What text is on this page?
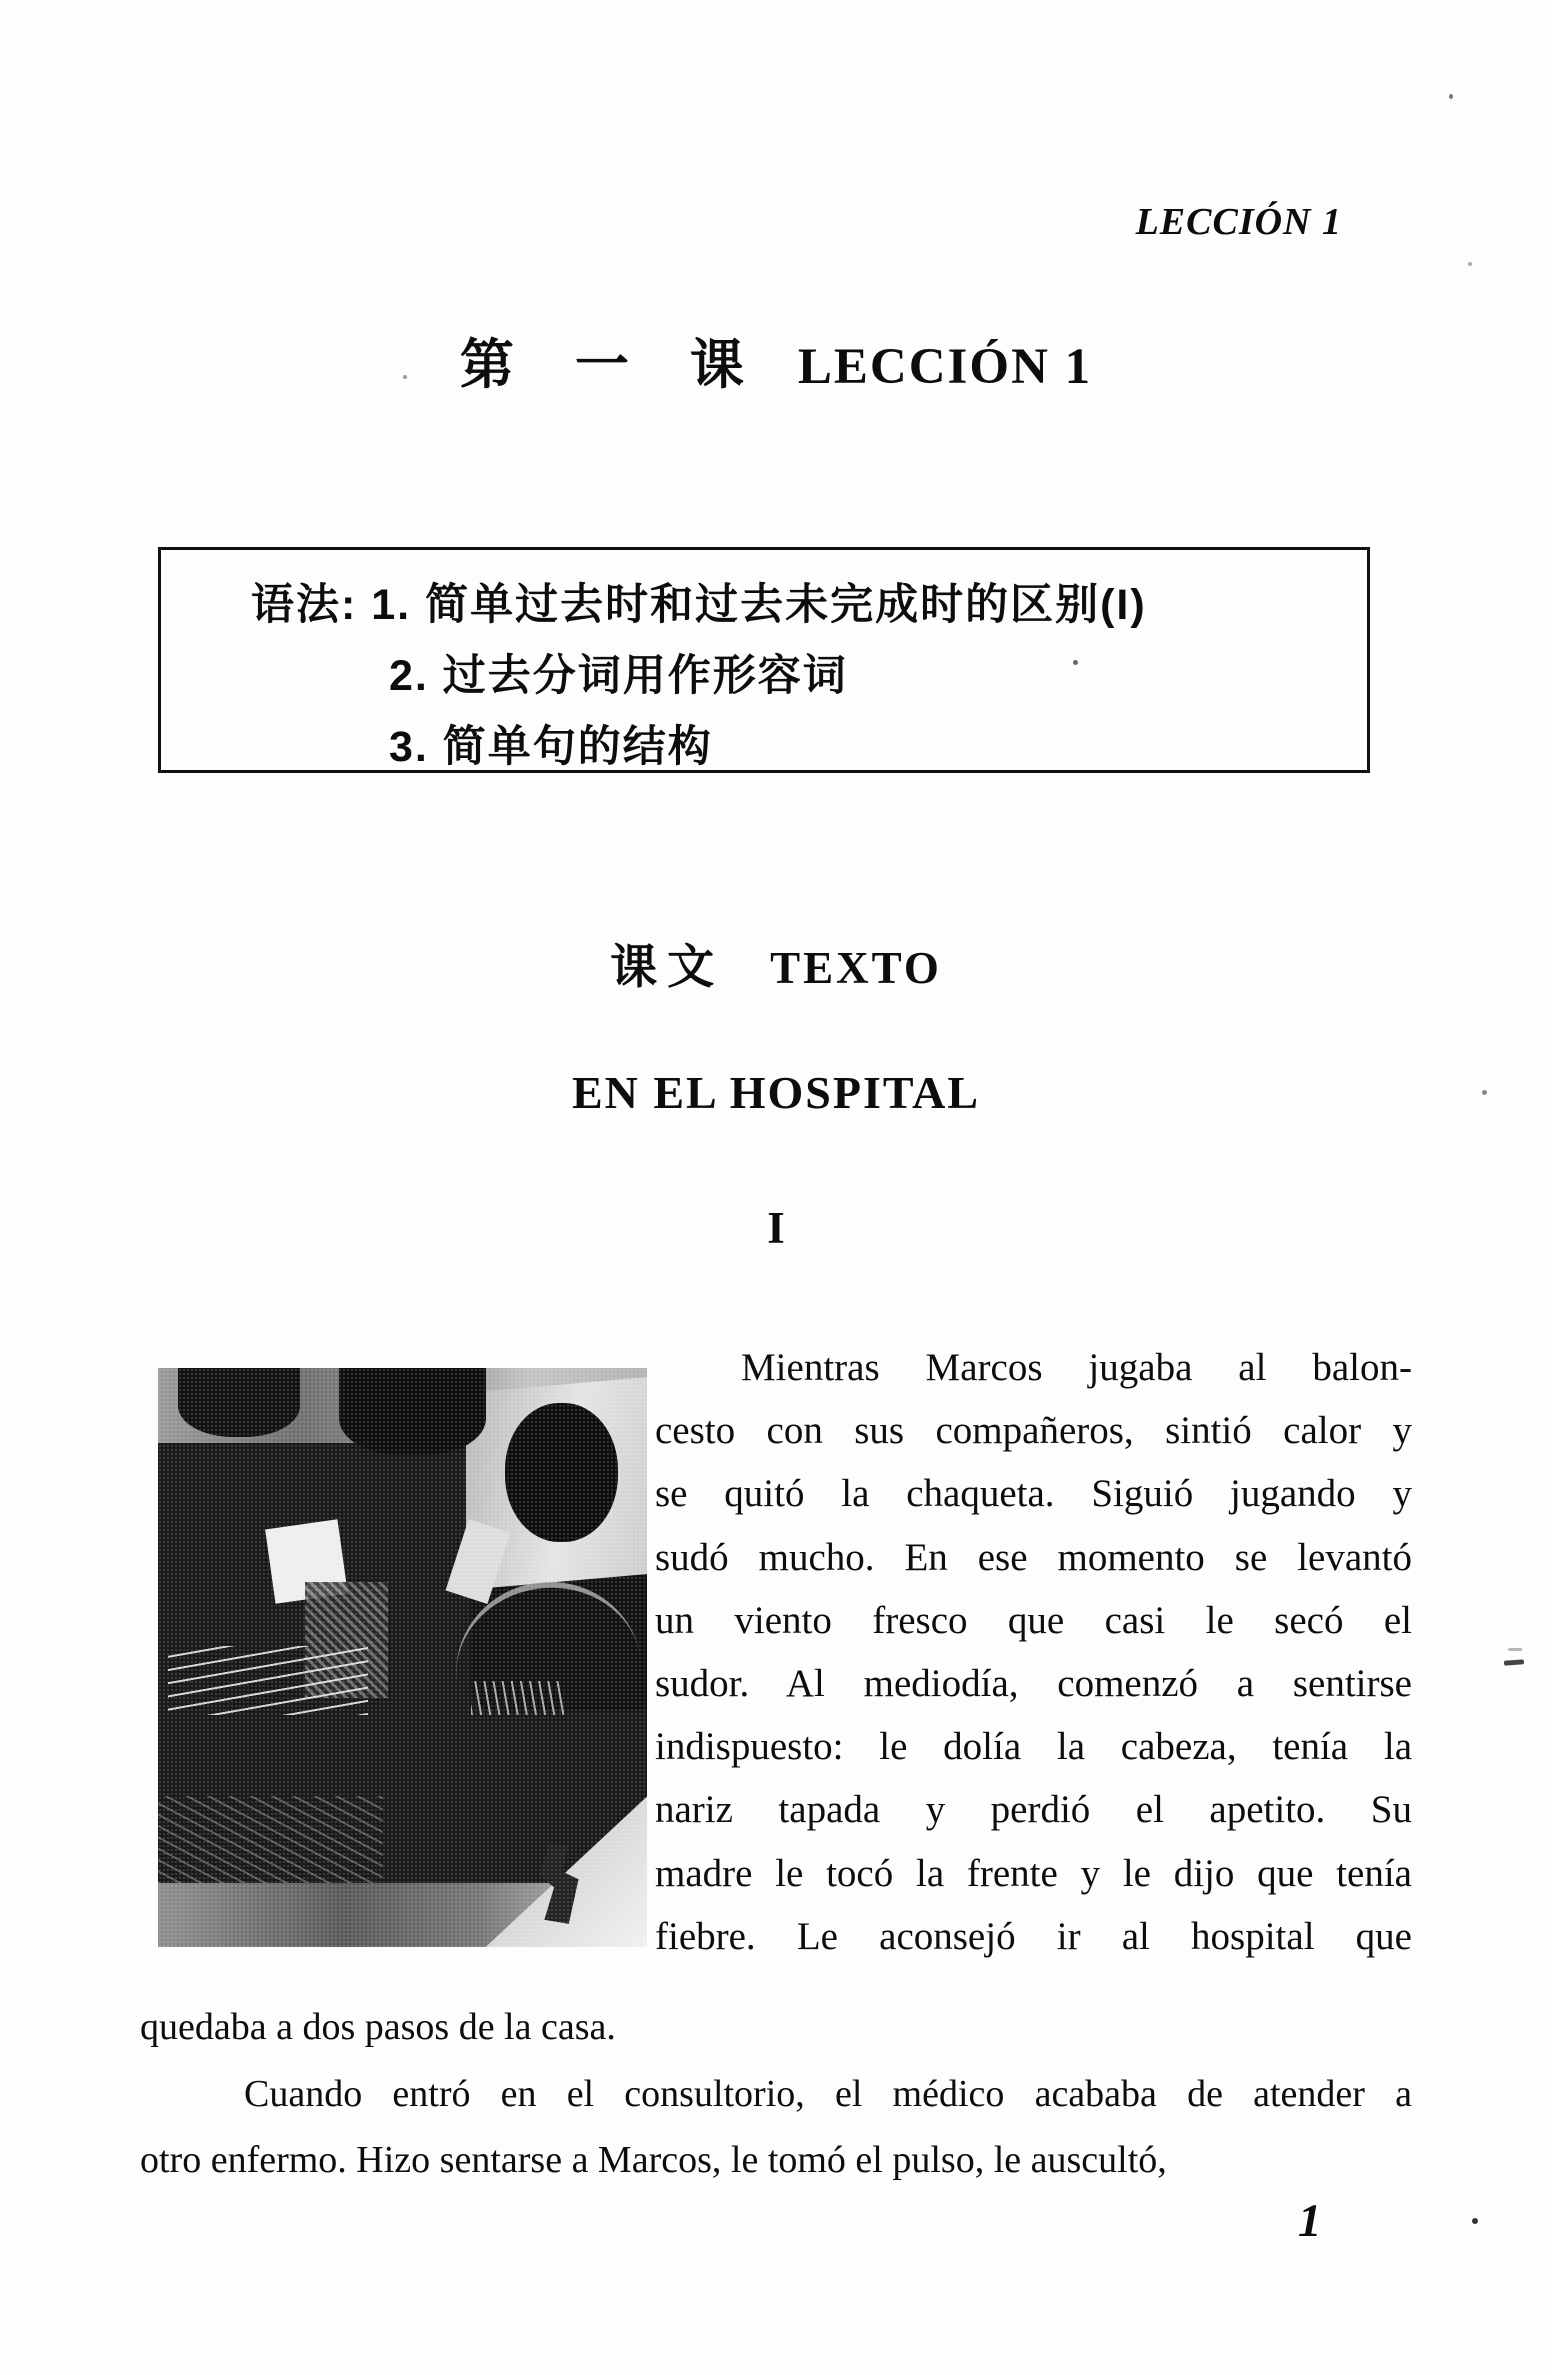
LECCIÓN 1
第 一 课 LECCIÓN 1
语法: 1. 简单过去时和过去未完成时的区别(I)
2. 过去分词用作形容词
3. 简单句的结构
课文 TEXTO
EN EL HOSPITAL
I
Mientras Marcos jugaba al balon-
cesto con sus compañeros, sintió calor y
se quitó la chaqueta. Siguió jugando y
sudó mucho. En ese momento se levantó
un viento fresco que casi le secó el
sudor. Al mediodía, comenzó a sentirse
indispuesto: le dolía la cabeza, tenía la
nariz tapada y perdió el apetito. Su
madre le tocó la frente y le dijo que tenía
fiebre. Le aconsejó ir al hospital que
quedaba a dos pasos de la casa.
Cuando entró en el consultorio, el médico acababa de atender a
otro enfermo. Hizo sentarse a Marcos, le tomó el pulso, le auscultó,
1
